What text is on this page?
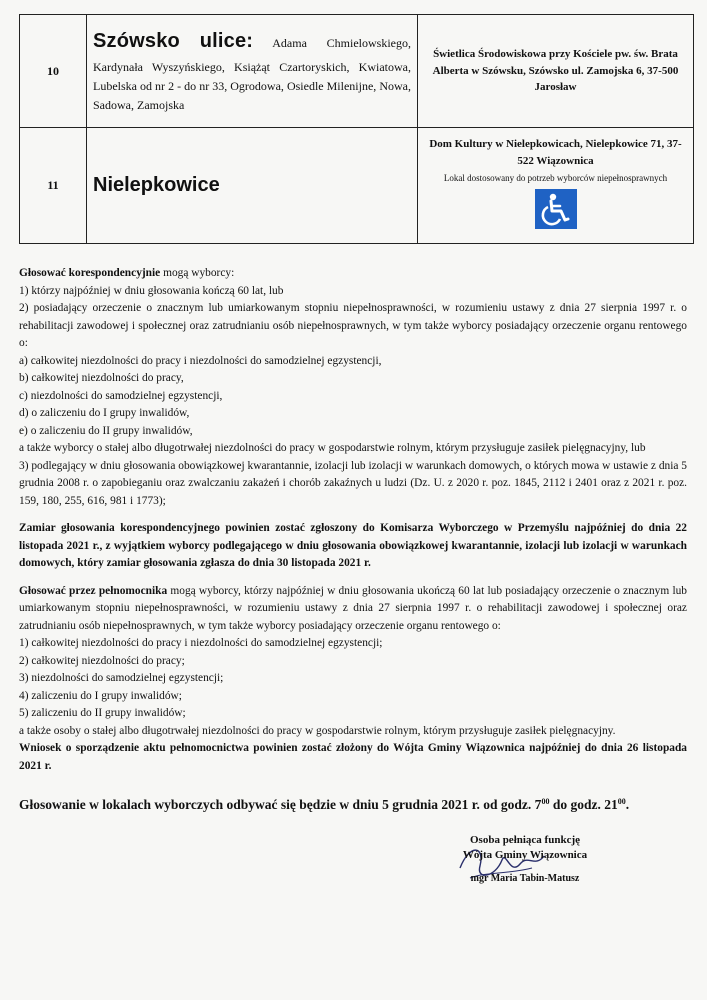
10	Szówsko ulice: Adama Chmielowskiego, Kardynała Wyszyńskiego, Książąt Czartoryskich, Kwiatowa, Lubelska od nr 2 - do nr 33, Ogrodowa, Osiedle Milenijne, Nowa, Sadowa, Zamojska	Świetlica Środowiskowa przy Kościele pw. św. Brata Alberta w Szówsku, Szówsko ul. Zamojska 6, 37-500 Jarosław
11	Nielepkowice	Dom Kultury w Nielepkowicach, Nielepkowice 71, 37-522 Wiązownica
Lokal dostosowany do potrzeb wyborców niepełnosprawnych

Głosować korespondencyjnie mogą wyborcy:

1) którzy najpóźniej w dniu głosowania kończą 60 lat, lub

2) posiadający orzeczenie o znacznym lub umiarkowanym stopniu niepełnosprawności, w rozumieniu ustawy z dnia 27 sierpnia 1997 r. o rehabilitacji zawodowej i społecznej oraz zatrudnianiu osób niepełnosprawnych, w tym także wyborcy posiadający orzeczenie organu rentowego o:

a) całkowitej niezdolności do pracy i niezdolności do samodzielnej egzystencji,

b) całkowitej niezdolności do pracy,

c) niezdolności do samodzielnej egzystencji,

d) o zaliczeniu do I grupy inwalidów,

e) o zaliczeniu do II grupy inwalidów,

a także wyborcy o stałej albo długotrwałej niezdolności do pracy w gospodarstwie rolnym, którym przysługuje zasiłek pielęgnacyjny, lub

3) podlegający w dniu głosowania obowiązkowej kwarantannie, izolacji lub izolacji w warunkach domowych, o których mowa w ustawie z dnia 5 grudnia 2008 r. o zapobieganiu oraz zwalczaniu zakażeń i chorób zakaźnych u ludzi (Dz. U. z 2020 r. poz. 1845, 2112 i 2401 oraz z 2021 r. poz. 159, 180, 255, 616, 981 i 1773);

Zamiar głosowania korespondencyjnego powinien zostać zgłoszony do Komisarza Wyborczego w Przemyślu najpóźniej do dnia 22 listopada 2021 r., z wyjątkiem wyborcy podlegającego w dniu głosowania obowiązkowej kwarantannie, izolacji lub izolacji w warunkach domowych, który zamiar głosowania zgłasza do dnia 30 listopada 2021 r.

Głosować przez pełnomocnika mogą wyborcy, którzy najpóźniej w dniu głosowania ukończą 60 lat lub posiadający orzeczenie o znacznym lub umiarkowanym stopniu niepełnosprawności, w rozumieniu ustawy z dnia 27 sierpnia 1997 r. o rehabilitacji zawodowej i społecznej oraz zatrudnianiu osób niepełnosprawnych, w tym także wyborcy posiadający orzeczenie organu rentowego o:

1) całkowitej niezdolności do pracy i niezdolności do samodzielnej egzystencji;

2) całkowitej niezdolności do pracy;

3) niezdolności do samodzielnej egzystencji;

4) zaliczeniu do I grupy inwalidów;

5) zaliczeniu do II grupy inwalidów;

a także osoby o stałej albo długotrwałej niezdolności do pracy w gospodarstwie rolnym, którym przysługuje zasiłek pielęgnacyjny.

Wniosek o sporządzenie aktu pełnomocnictwa powinien zostać złożony do Wójta Gminy Wiązownica najpóźniej do dnia 26 listopada 2021 r.

Głosowanie w lokalach wyborczych odbywać się będzie w dniu 5 grudnia 2021 r. od godz. $7^{00}$ do godz. $21^{00}$.
Osoba pełniąca funkcję
Wójta Gminy Wiązownica
mgr Maria Tabin-Matusz
